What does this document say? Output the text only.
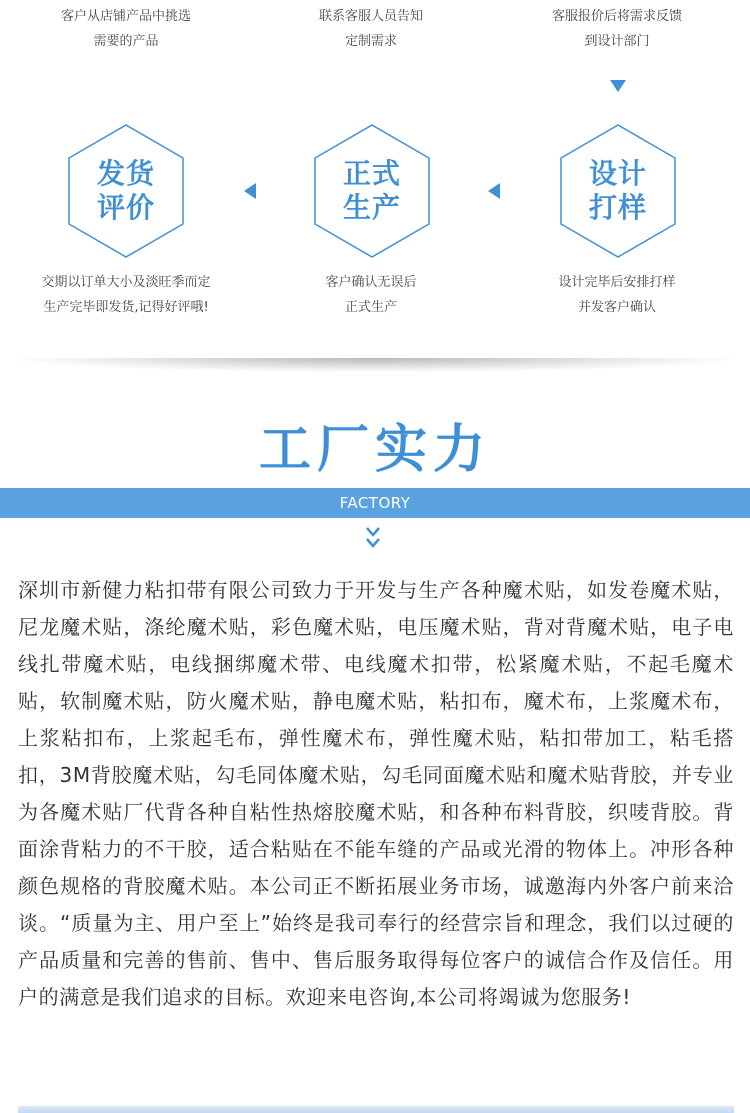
客户从店铺产品中挑选
需要的产品
联系客服人员告知
定制需求
客服报价后将需求反馈
到设计部门
发货
评价
正式
生产
设计
打样
交期以订单大小及淡旺季而定
生产完毕即发货,记得好评哦!
客户确认无误后
正式生产
设计完毕后安排打样
并发客户确认
工厂实力
FACTORY
深圳市新健力粘扣带有限公司致力于开发与生产各种魔术贴，如发卷魔术贴，尼龙魔术贴，涤纶魔术贴，彩色魔术贴，电压魔术贴，背对背魔术贴，电子电线扎带魔术贴，电线捆绑魔术带、电线魔术扣带，松紧魔术贴，不起毛魔术贴，软制魔术贴，防火魔术贴，静电魔术贴，粘扣布，魔术布，上浆魔术布，上浆粘扣布，上浆起毛布，弹性魔术布，弹性魔术贴，粘扣带加工，粘毛搭扣，3M背胶魔术贴，勾毛同体魔术贴，勾毛同面魔术贴和魔术贴背胶，并专业为各魔术贴厂代背各种自粘性热熔胶魔术贴，和各种布料背胶，织唛背胶。背面涂背粘力的不干胶，适合粘贴在不能车缝的产品或光滑的物体上。冲形各种颜色规格的背胶魔术贴。本公司正不断拓展业务市场，诚邀海内外客户前来洽谈。“质量为主、用户至上”始终是我司奉行的经营宗旨和理念，我们以过硬的产品质量和完善的售前、售中、售后服务取得每位客户的诚信合作及信任。用户的满意是我们追求的目标。欢迎来电咨询,本公司将竭诚为您服务!
